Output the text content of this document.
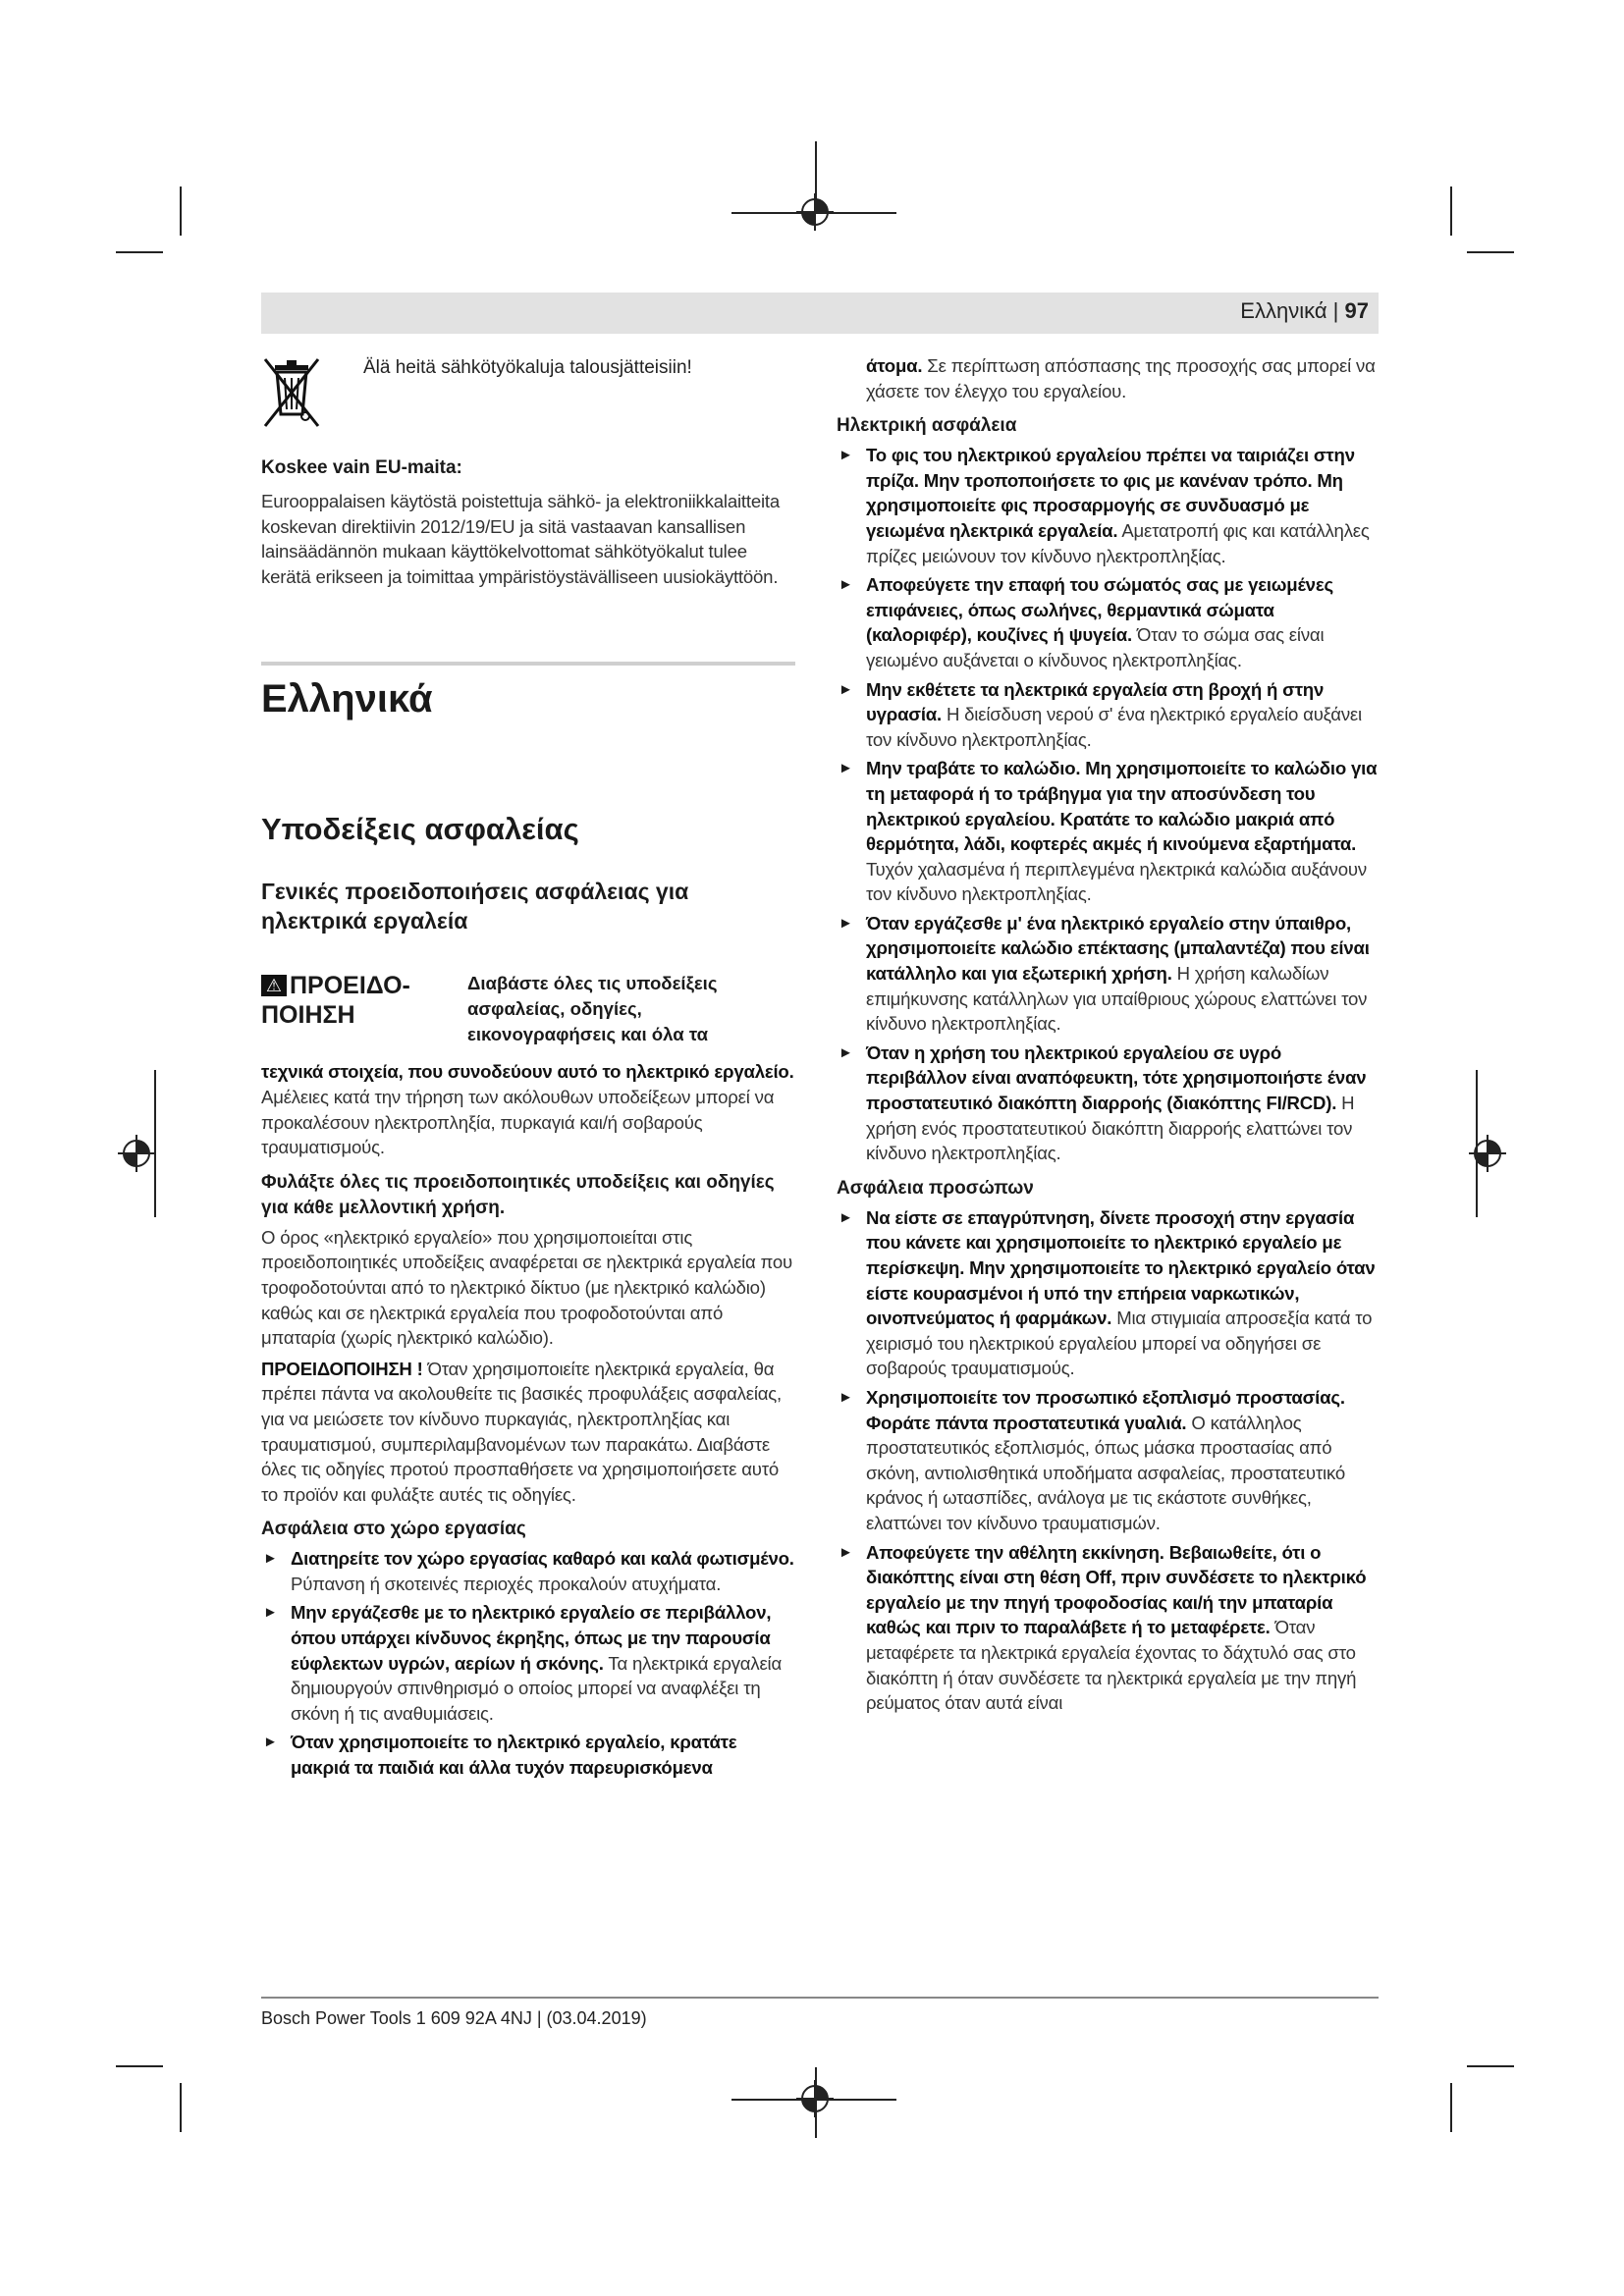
Ελληνικά | 97
Älä heitä sähkötyökaluja talousjätteisiin!
Koskee vain EU-maita:

Eurooppalaisen käytöstä poistettuja sähkö- ja elektroniikkalaitteita koskevan direktiivin 2012/19/EU ja sitä vastaavan kansallisen lainsäädännön mukaan käyttökelvottomat sähkötyökalut tulee kerätä erikseen ja toimittaa ympäristöystävälliseen uusiokäyttöön.

Ελληνικά
Υποδείξεις ασφαλείας
Γενικές προειδοποιήσεις ασφάλειας για ηλεκτρικά εργαλεία
⚠ ΠΡΟΕΙΔΟ-ΠΟΙΗΣΗ
Διαβάστε όλες τις υποδείξεις ασφαλείας, οδηγίες, εικονογραφήσεις και όλα τα

τεχνικά στοιχεία, που συνοδεύουν αυτό το ηλεκτρικό εργαλείο. Αμέλειες κατά την τήρηση των ακόλουθων υποδείξεων μπορεί να προκαλέσουν ηλεκτροπληξία, πυρκαγιά και/ή σοβαρούς τραυματισμούς.

Φυλάξτε όλες τις προειδοποιητικές υποδείξεις και οδηγίες για κάθε μελλοντική χρήση.

Ο όρος «ηλεκτρικό εργαλείο» που χρησιμοποιείται στις προειδοποιητικές υποδείξεις αναφέρεται σε ηλεκτρικά εργαλεία που τροφοδοτούνται από το ηλεκτρικό δίκτυο (με ηλεκτρικό καλώδιο) καθώς και σε ηλεκτρικά εργαλεία που τροφοδοτούνται από μπαταρία (χωρίς ηλεκτρικό καλώδιο).

ΠΡΟΕΙΔΟΠΟΙΗΣΗ ! Όταν χρησιμοποιείτε ηλεκτρικά εργαλεία, θα πρέπει πάντα να ακολουθείτε τις βασικές προφυλάξεις ασφαλείας, για να μειώσετε τον κίνδυνο πυρκαγιάς, ηλεκτροπληξίας και τραυματισμού, συμπεριλαμβανομένων των παρακάτω. Διαβάστε όλες τις οδηγίες προτού προσπαθήσετε να χρησιμοποιήσετε αυτό το προϊόν και φυλάξτε αυτές τις οδηγίες.

Ασφάλεια στο χώρο εργασίας
► Διατηρείτε τον χώρο εργασίας καθαρό και καλά φωτισμένο. Ρύπανση ή σκοτεινές περιοχές προκαλούν ατυχήματα.
► Μην εργάζεσθε με το ηλεκτρικό εργαλείο σε περιβάλλον, όπου υπάρχει κίνδυνος έκρηξης, όπως με την παρουσία εύφλεκτων υγρών, αερίων ή σκόνης. Τα ηλεκτρικά εργαλεία δημιουργούν σπινθηρισμό ο οποίος μπορεί να αναφλέξει τη σκόνη ή τις αναθυμιάσεις.
► Όταν χρησιμοποιείτε το ηλεκτρικό εργαλείο, κρατάτε μακριά τα παιδιά και άλλα τυχόν παρευρισκόμενα

άτομα. Σε περίπτωση απόσπασης της προσοχής σας μπορεί να χάσετε τον έλεγχο του εργαλείου.

Ηλεκτρική ασφάλεια
► Το φις του ηλεκτρικού εργαλείου πρέπει να ταιριάζει στην πρίζα. Μην τροποποιήσετε το φις με κανέναν τρόπο. Μη χρησιμοποιείτε φις προσαρμογής σε συνδυασμό με γειωμένα ηλεκτρικά εργαλεία. Αμετατροπή φις και κατάλληλες πρίζες μειώνουν τον κίνδυνο ηλεκτροπληξίας.
► Αποφεύγετε την επαφή του σώματός σας με γειωμένες επιφάνειες, όπως σωλήνες, θερμαντικά σώματα (καλοριφέρ), κουζίνες ή ψυγεία. Όταν το σώμα σας είναι γειωμένο αυξάνεται ο κίνδυνος ηλεκτροπληξίας.
► Μην εκθέτετε τα ηλεκτρικά εργαλεία στη βροχή ή στην υγρασία. Η διείσδυση νερού σ' ένα ηλεκτρικό εργαλείο αυξάνει τον κίνδυνο ηλεκτροπληξίας.
► Μην τραβάτε το καλώδιο. Μη χρησιμοποιείτε το καλώδιο για τη μεταφορά ή το τράβηγμα για την αποσύνδεση του ηλεκτρικού εργαλείου. Κρατάτε το καλώδιο μακριά από θερμότητα, λάδι, κοφτερές ακμές ή κινούμενα εξαρτήματα. Τυχόν χαλασμένα ή περιπλεγμένα ηλεκτρικά καλώδια αυξάνουν τον κίνδυνο ηλεκτροπληξίας.
► Όταν εργάζεσθε μ' ένα ηλεκτρικό εργαλείο στην ύπαιθρο, χρησιμοποιείτε καλώδιο επέκτασης (μπαλαντέζα) που είναι κατάλληλο και για εξωτερική χρήση. Η χρήση καλωδίων επιμήκυνσης κατάλληλων για υπαίθριους χώρους ελαττώνει τον κίνδυνο ηλεκτροπληξίας.
► Όταν η χρήση του ηλεκτρικού εργαλείου σε υγρό περιβάλλον είναι αναπόφευκτη, τότε χρησιμοποιήστε έναν προστατευτικό διακόπτη διαρροής (διακόπτης FI/RCD). Η χρήση ενός προστατευτικού διακόπτη διαρροής ελαττώνει τον κίνδυνο ηλεκτροπληξίας.
Ασφάλεια προσώπων
► Να είστε σε επαγρύπνηση, δίνετε προσοχή στην εργασία που κάνετε και χρησιμοποιείτε το ηλεκτρικό εργαλείο με περίσκεψη. Μην χρησιμοποιείτε το ηλεκτρικό εργαλείο όταν είστε κουρασμένοι ή υπό την επήρεια ναρκωτικών, οινοπνεύματος ή φαρμάκων. Μια στιγμιαία απροσεξία κατά το χειρισμό του ηλεκτρικού εργαλείου μπορεί να οδηγήσει σε σοβαρούς τραυματισμούς.
► Χρησιμοποιείτε τον προσωπικό εξοπλισμό προστασίας. Φοράτε πάντα προστατευτικά γυαλιά. Ο κατάλληλος προστατευτικός εξοπλισμός, όπως μάσκα προστασίας από σκόνη, αντιολισθητικά υποδήματα ασφαλείας, προστατευτικό κράνος ή ωτασπίδες, ανάλογα με τις εκάστοτε συνθήκες, ελαττώνει τον κίνδυνο τραυματισμών.
► Αποφεύγετε την αθέλητη εκκίνηση. Βεβαιωθείτε, ότι ο διακόπτης είναι στη θέση Off, πριν συνδέσετε το ηλεκτρικό εργαλείο με την πηγή τροφοδοσίας και/ή την μπαταρία καθώς και πριν το παραλάβετε ή το μεταφέρετε. Όταν μεταφέρετε τα ηλεκτρικά εργαλεία έχοντας το δάχτυλό σας στο διακόπτη ή όταν συνδέσετε τα ηλεκτρικά εργαλεία με την πηγή ρεύματος όταν αυτά είναι
Bosch Power Tools 1 609 92A 4NJ | (03.04.2019)
